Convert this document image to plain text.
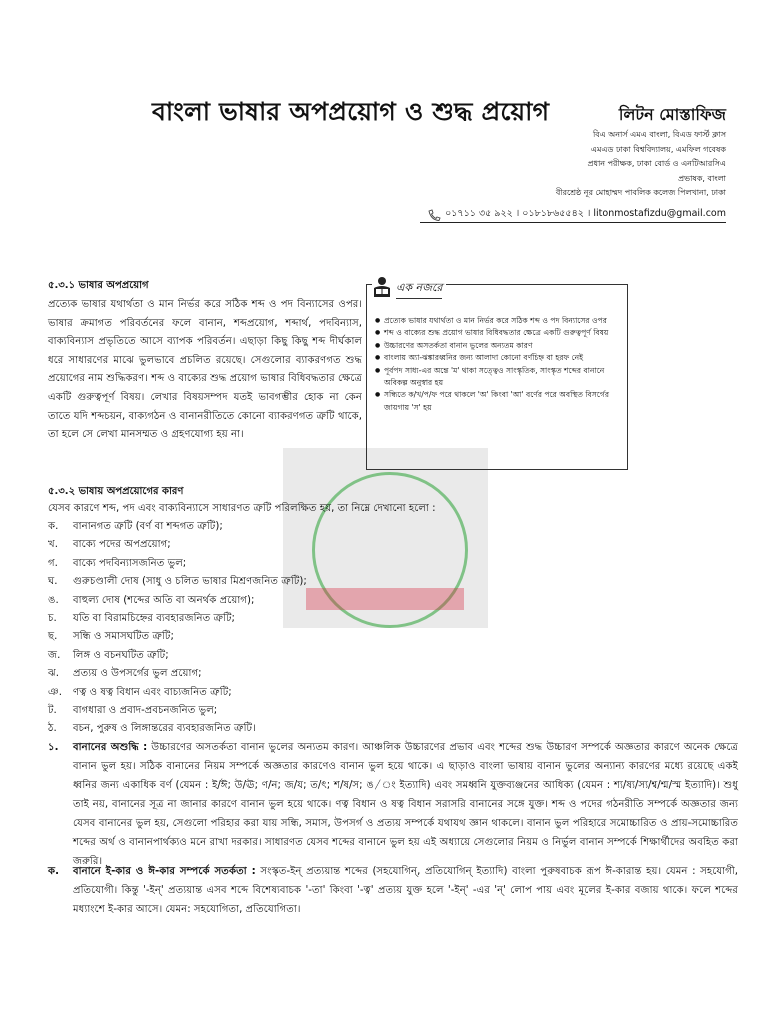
বাংলা ভাষার অপপ্রয়োগ ও শুদ্ধ প্রয়োগ	লিটন মোস্তাফিজ
বিএ অনার্স এমএ বাংলা, বিএড ফার্স্ট ক্লাস
এমএড ঢাকা বিশ্ববিদ্যালয়, এমফিল গবেষক
প্রধান পরীক্ষক, ঢাকা বোর্ড ও এনটিআরসিএ
প্রভাষক, বাংলা
বীরশ্রেষ্ঠ নূর মোহাম্মদ পাবলিক কলেজ পিলখানা, ঢাকা
০১৭১১ ৩৫ ৯২২ । ০১৮১৮৬৫৫৪২ । litonmostafizdu@gmail.com
৫.৩.১ ভাষার অপপ্রয়োগ
প্রত্যেক ভাষার যথার্থতা ও মান নির্ভর করে সঠিক শব্দ ও পদ বিন্যাসের ওপর। ভাষার ক্রমাগত পরিবর্তনের ফলে বানান, শব্দপ্রয়োগ, শব্দার্থ, পদবিন্যাস, বাক্যবিন্যাস প্রভৃতিতে আসে ব্যাপক পরিবর্তন। এছাড়া কিছু কিছু শব্দ দীর্ঘকাল ধরে সাধারণের মাঝে ভুলভাবে প্রচলিত রয়েছে। সেগুলোর ব্যাকরণগত শুদ্ধ প্রয়োগের নাম শুদ্ধিকরণ। শব্দ ও বাক্যের শুদ্ধ প্রয়োগ ভাষার বিধিবদ্ধতার ক্ষেত্রে একটি গুরুত্বপূর্ণ বিষয়। লেখার বিষয়সম্পদ যতই ভাবগম্ভীর হোক না কেন তাতে যদি শব্দচয়ন, বাক্যগঠন ও বানানরীতিতে কোনো ব্যাকরণগত ত্রুটি থাকে, তা হলে সে লেখা মানসম্মত ও গ্রহণযোগ্য হয় না।
● প্রত্যেক ভাষার যথার্থতা ও মান নির্ভর করে সঠিক শব্দ ও পদ বিন্যাসের ওপর
● শব্দ ও বাক্যের শুদ্ধ প্রয়োগ ভাষার বিধিবদ্ধতার ক্ষেত্রে একটি গুরুত্বপূর্ণ বিষয়
● উচ্চারণের অসতর্কতা বানান ভুলের অন্যতম কারণ
● বাংলায় অ্যা-ঝঙ্কারধ্বনির জন্য আলাদা কোনো বর্ণচিহ্ন বা হরফ নেই
● পূর্বপদ সাধ্য-এর অন্তে 'ম' থাকা সত্ত্বেও সাংস্কৃতিক, সাংস্কৃত শব্দের বানানে অবিকল্প অনুস্বার হয়
● সন্ধিতে ক/খ/প/ফ পরে থাকলে 'অ' কিংবা 'আ' বর্ণের পরে অবস্থিত বিসর্গের জায়গায় 'স' হয়
এক নজরে
৫.৩.২ ভাষায় অপপ্রয়োগের কারণ
যেসব কারণে শব্দ, পদ এবং বাক্যবিন্যাসে সাধারণত ত্রুটি পরিলক্ষিত হয়, তা নিম্নে দেখানো হলো :
ক.	বানানগত ত্রুটি (বর্ণ বা শব্দগত ত্রুটি);
খ.	বাক্যে পদের অপপ্রয়োগ;
গ.	বাক্যে পদবিন্যাসজনিত ভুল;
ঘ.	গুরুচণ্ডালী দোষ (সাধু ও চলিত ভাষার মিশ্রণজনিত ত্রুটি);
ঙ.	বাহুল্য দোষ (শব্দের অতি বা অনর্থক প্রয়োগ);
চ.	যতি বা বিরামচিহ্নের ব্যবহারজনিত ত্রুটি;
ছ.	সন্ধি ও সমাসঘটিত ত্রুটি;
জ.	লিঙ্গ ও বচনঘটিত ত্রুটি;
ঝ.	প্রত্যয় ও উপসর্গের ভুল প্রয়োগ;
ঞ.	ণত্ব ও ষত্ব বিধান এবং বাচ্যজনিত ত্রুটি;
ট.	বাগধারা ও প্রবাদ-প্রবচনজনিত ভুল;
ঠ.	বচন, পুরুষ ও লিঙ্গান্তরের ব্যবহারজনিত ত্রুটি।
১. বানানের অশুদ্ধি : উচ্চারণের অসতর্কতা বানান ভুলের অন্যতম কারণ। আঞ্চলিক উচ্চারণের প্রভাব এবং শব্দের শুদ্ধ উচ্চারণ সম্পর্কে অজ্ঞতার কারণে অনেক ক্ষেত্রে বানান ভুল হয়। সঠিক বানানের নিয়ম সম্পর্কে অজ্ঞতার কারণেও বানান ভুল হয়ে থাকে। এ ছাড়াও বাংলা ভাষায় বানান ভুলের অন্যান্য কারণের মধ্যে রয়েছে একই ধ্বনির জন্য একাধিক বর্ণ (যেমন : ই/ঈ; উ/ঊ; ণ/ন; জ/য; ত/ৎ; শ/ষ/স; ঙ/ং ইত্যাদি) এবং সমধ্বনি যুক্তব্যঞ্জনের আধিক্য (যেমন : শ্য/ষ্য/স্য/শ্ব/শ্ম/স্ম ইত্যাদি)। শুধু তাই নয়, বানানের সূত্র না জানার কারণে বানান ভুল হয়ে থাকে। ণত্ব বিধান ও ষত্ব বিধান সরাসরি বানানের সঙ্গে যুক্ত। শব্দ ও পদের গঠনরীতি সম্পর্কে অজ্ঞতার জন্য যেসব বানানের ভুল হয়, সেগুলো পরিহার করা যায় সন্ধি, সমাস, উপসর্গ ও প্রত্যয় সম্পর্কে যথাযথ জ্ঞান থাকলে। বানান ভুল পরিহারে সমোচ্চারিত ও প্রায়-সমোচ্চারিত শব্দের অর্থ ও বানানপার্থক্যও মনে রাখা দরকার। সাধারণত যেসব শব্দের বানানে ভুল হয় এই অধ্যায়ে সেগুলোর নিয়ম ও নির্ভুল বানান সম্পর্কে শিক্ষার্থীদের অবহিত করা জরুরি।
ক. বানানে ই-কার ও ঈ-কার সম্পর্কে সতর্কতা : সংস্কৃত-ইন্ প্রত্যয়ান্ত শব্দের (সহযোগিন্, প্রতিযোগিন্ ইত্যাদি) বাংলা পুরুষবাচক রূপ ঈ-কারান্ত হয়। যেমন : সহযোগী, প্রতিযোগী। কিন্তু '-ইন্' প্রত্যয়ান্ত এসব শব্দে বিশেষ্যবাচক '-তা' কিংবা '-ত্ব' প্রত্যয় যুক্ত হলে '-ইন্' -এর 'ন্' লোপ পায় এবং মূলের ই-কার বজায় থাকে। ফলে শব্দের মধ্যাংশে ই-কার আসে। যেমন: সহযোগিতা, প্রতিযোগিতা।
